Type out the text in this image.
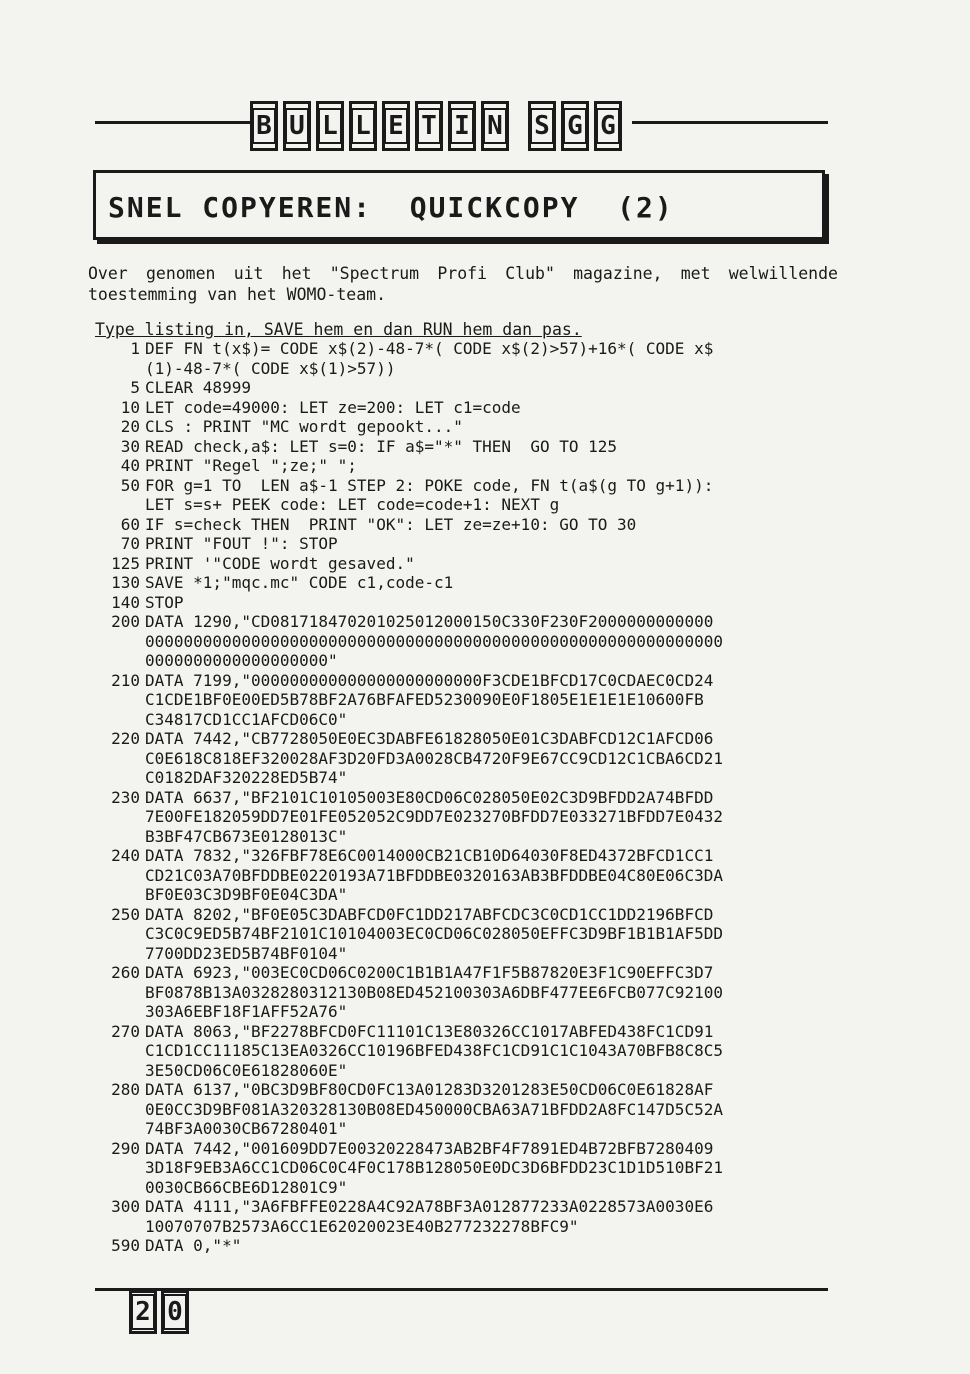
B U L L E T I N S G G
SNEL COPYEREN:  QUICKCOPY  (2)
Over genomen uit het "Spectrum Profi Club" magazine, met welwillende toestemming van het WOMO-team.
Type listing in, SAVE hem en dan RUN hem dan pas.
1 DEF FN t(x$)= CODE x$(2)-48-7*( CODE x$(2)>57)+16*( CODE x$
(1)-48-7*( CODE x$(1)>57))
5 CLEAR 48999
10 LET code=49000: LET ze=200: LET c1=code
20 CLS : PRINT "MC wordt gepookt..."
30 READ check,a$: LET s=0: IF a$="*" THEN  GO TO 125
40 PRINT "Regel ";ze;" ";
50 FOR g=1 TO  LEN a$-1 STEP 2: POKE code, FN t(a$(g TO g+1)):
LET s=s+ PEEK code: LET code=code+1: NEXT g
60 IF s=check THEN  PRINT "OK": LET ze=ze+10: GO TO 30
70 PRINT "FOUT !": STOP
125 PRINT '"CODE wordt gesaved."
130 SAVE *1;"mqc.mc" CODE c1,code-c1
140 STOP
200 DATA 1290,"CD081718470201025012000150C330F230F2000000000000
000000000000000000000000000000000000000000000000000000000000
0000000000000000000"
210 DATA 7199,"000000000000000000000000F3CDE1BFCD17C0CDAEC0CD24
C1CDE1BF0E00ED5B78BF2A76BFAFED5230090E0F1805E1E1E1E10600FB
C34817CD1CC1AFCD06C0"
220 DATA 7442,"CB7728050E0EC3DABFE61828050E01C3DABFCD12C1AFCD06
C0E618C818EF320028AF3D20FD3A0028CB4720F9E67CC9CD12C1CBA6CD21
C0182DAF320228ED5B74"
230 DATA 6637,"BF2101C10105003E80CD06C028050E02C3D9BFDD2A74BFDD
7E00FE182059DD7E01FE052052C9DD7E023270BFDD7E033271BFDD7E0432
B3BF47CB673E0128013C"
240 DATA 7832,"326FBF78E6C0014000CB21CB10D64030F8ED4372BFCD1CC1
CD21C03A70BFDDBE0220193A71BFDDBE0320163AB3BFDDBE04C80E06C3DA
BF0E03C3D9BF0E04C3DA"
250 DATA 8202,"BF0E05C3DABFCD0FC1DD217ABFCDC3C0CD1CC1DD2196BFCD
C3C0C9ED5B74BF2101C10104003EC0CD06C028050EFFC3D9BF1B1B1AF5DD
7700DD23ED5B74BF0104"
260 DATA 6923,"003EC0CD06C0200C1B1B1A47F1F5B87820E3F1C90EFFC3D7
BF0878B13A0328280312130B08ED452100303A6DBF477EE6FCB077C92100
303A6EBF18F1AFF52A76"
270 DATA 8063,"BF2278BFCD0FC11101C13E80326CC1017ABFED438FC1CD91
C1CD1CC11185C13EA0326CC10196BFED438FC1CD91C1C1043A70BFB8C8C5
3E50CD06C0E61828060E"
280 DATA 6137,"0BC3D9BF80CD0FC13A01283D3201283E50CD06C0E61828AF
0E0CC3D9BF081A320328130B08ED450000CBA63A71BFDD2A8FC147D5C52A
74BF3A0030CB67280401"
290 DATA 7442,"001609DD7E00320228473AB2BF4F7891ED4B72BFB7280409
3D18F9EB3A6CC1CD06C0C4F0C178B128050E0DC3D6BFDD23C1D1D510BF21
0030CB66CBE6D12801C9"
300 DATA 4111,"3A6FBFFE0228A4C92A78BF3A012877233A0228573A0030E6
10070707B2573A6CC1E62020023E40B277232278BFC9"
590 DATA 0,"*"
2 0
